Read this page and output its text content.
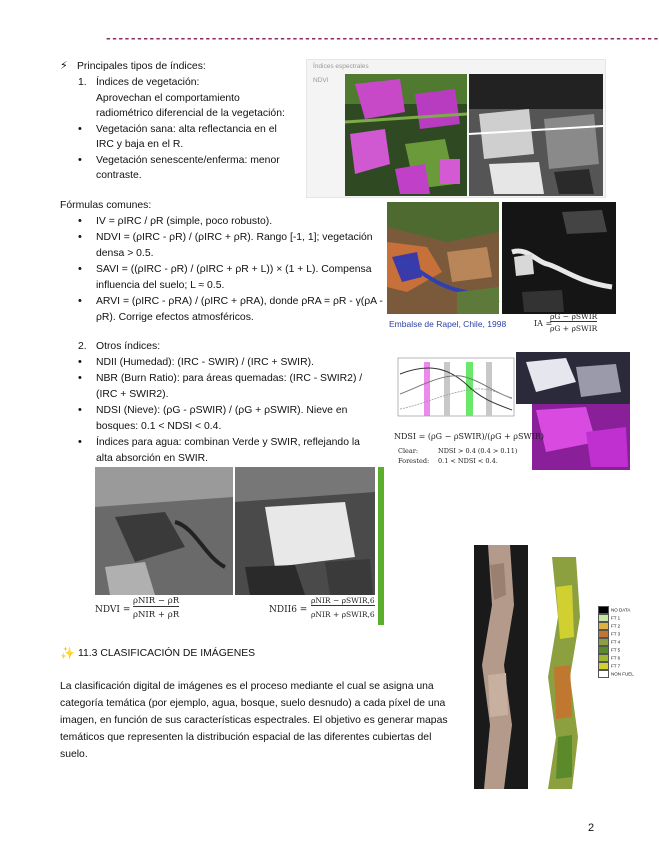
-----------------------------------------------------------------------------------------
⚡ Principales tipos de índices:

1. Índices de vegetación:

Aprovechan el comportamiento

radiométrico diferencial de la vegetación:

• Vegetación sana: alta reflectancia en el

IRC y baja en el R.

• Vegetación senescente/enferma: menor

contraste.

Índices espectrales
NDVI

Fórmulas comunes:

• IV = ρIRC / ρR (simple, poco robusto).

• NDVI = (ρIRC - ρR) / (ρIRC + ρR). Rango [-1, 1]; vegetación

densa > 0.5.

• SAVI = ((ρIRC - ρR) / (ρIRC + ρR + L)) × (1 + L). Compensa

influencia del suelo; L ≈ 0.5.

• ARVI = (ρIRC - ρRA) / (ρIRC + ρRA), donde ρRA = ρR - γ(ρA -

ρR). Corrige efectos atmosféricos.

Embalse de Rapel, Chile, 1998	IA =
ρG − ρSWIR
ρG + ρSWIR

2. Otros índices:

• NDII (Humedad): (IRC - SWIR) / (IRC + SWIR).

• NBR (Burn Ratio): para áreas quemadas: (IRC - SWIR2) /

(IRC + SWIR2).

• NDSI (Nieve): (ρG - ρSWIR) / (ρG + ρSWIR). Nieve en

bosques: 0.1 < NDSI < 0.4.

• Índices para agua: combinan Verde y SWIR, reflejando la

alta absorción en SWIR.

NDSI = (ρG − ρSWIR)/(ρG + ρSWIR)
Clear:	NDSI > 0.4 (0.4 > 0.11)
Forested: 0.1 < NDSI < 0.4.
NDVI =
ρNIR − ρR
ρNIR + ρR	NDII6 =
ρNIR − ρSWIR,6
ρNIR + ρSWIR,6
✨ 11.3 CLASIFICACIÓN DE IMÁGENES

La clasificación digital de imágenes es el proceso mediante el cual se asigna una

categoría temática (por ejemplo, agua, bosque, suelo desnudo) a cada píxel de una

imagen, en función de sus características espectrales. El objetivo es generar mapas

temáticos que representen la distribución espacial de las diferentes cubiertas del

suelo.

NO DATA
FT 1
FT 2
FT 3
FT 4
FT 5
FT 6
FT 7
NON FUEL
2
